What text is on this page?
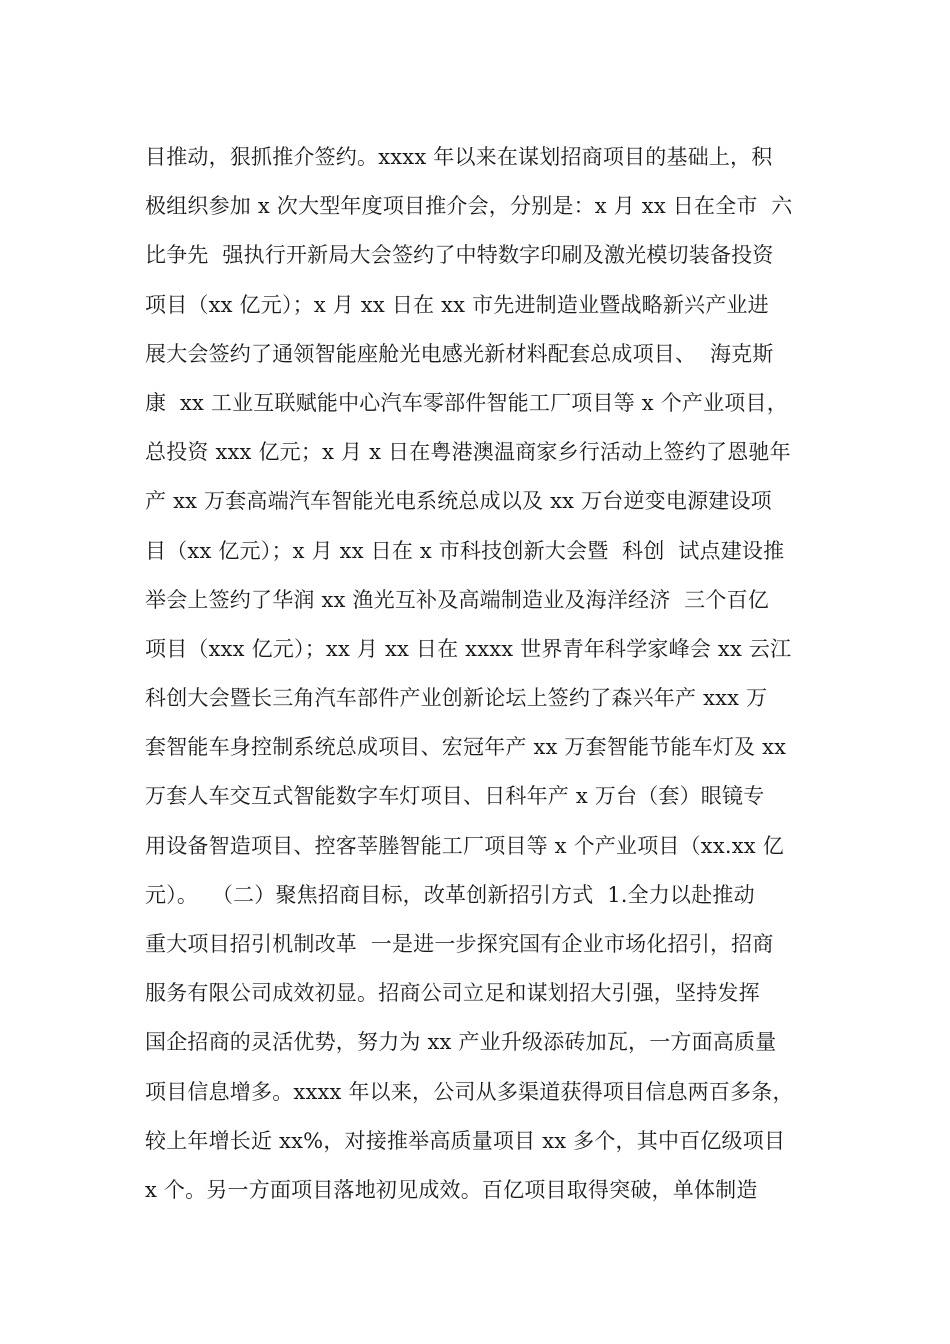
目推动，狠抓推介签约。xxxx 年以来在谋划招商项目的基础上，积
极组织参加 x 次大型年度项目推介会，分别是：x 月 xx 日在全市  六
比争先  强执行开新局大会签约了中特数字印刷及激光模切装备投资
项目（xx 亿元）；x 月 xx 日在 xx 市先进制造业暨战略新兴产业进
展大会签约了通领智能座舱光电感光新材料配套总成项目、  海克斯
康  xx 工业互联赋能中心汽车零部件智能工厂项目等 x 个产业项目，
总投资 xxx 亿元；x 月 x 日在粤港澳温商家乡行活动上签约了恩驰年
产 xx 万套高端汽车智能光电系统总成以及 xx 万台逆变电源建设项
目（xx 亿元）；x 月 xx 日在 x 市科技创新大会暨  科创  试点建设推
举会上签约了华润 xx 渔光互补及高端制造业及海洋经济  三个百亿
项目（xxx 亿元）；xx 月 xx 日在 xxxx 世界青年科学家峰会 xx 云江
科创大会暨长三角汽车部件产业创新论坛上签约了森兴年产 xxx 万
套智能车身控制系统总成项目、宏冠年产 xx 万套智能节能车灯及 xx
万套人车交互式智能数字车灯项目、日科年产 x 万台（套）眼镜专
用设备智造项目、控客莘塍智能工厂项目等 x 个产业项目（xx.xx 亿
元）。  （二）聚焦招商目标，改革创新招引方式  1.全力以赴推动
重大项目招引机制改革  一是进一步探究国有企业市场化招引，招商
服务有限公司成效初显。招商公司立足和谋划招大引强，坚持发挥
国企招商的灵活优势，努力为 xx 产业升级添砖加瓦，一方面高质量
项目信息增多。xxxx 年以来，公司从多渠道获得项目信息两百多条，
较上年增长近 xx%，对接推举高质量项目 xx 多个，其中百亿级项目
x 个。另一方面项目落地初见成效。百亿项目取得突破，单体制造
